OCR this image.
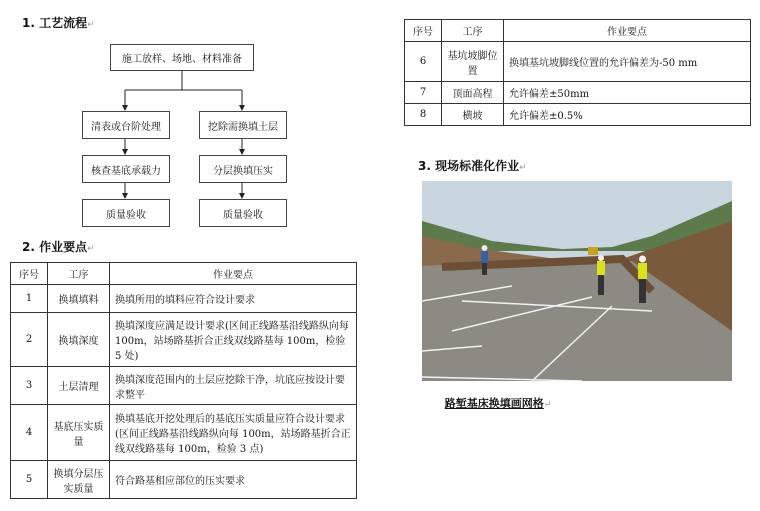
1. 工艺流程↵
施工放样、场地、材料准备
清表或台阶处理	挖除需换填土层
核查基底承载力	分层换填压实
质量验收	质量验收
2. 作业要点↵
序号	工序	作业要点
1	换填填料	换填所用的填料应符合设计要求
2	换填深度	换填深度应满足设计要求(区间正线路基沿线路纵向每 100m，站场路基折合正线双线路基每 100m，检验 5 处)
3	土层清理	换填深度范围内的土层应挖除干净，坑底应按设计要求整平
4	基底压实质量	换填基底开挖处理后的基底压实质量应符合设计要求 (区间正线路基沿线路纵向每 100m，站场路基折合正线双线路基每 100m，检验 3 点)
5	换填分层压实质量	符合路基相应部位的压实要求
序号	工序	作业要点
6	基坑坡脚位置	换填基坑坡脚线位置的允许偏差为-50 mm
7	顶面高程	允许偏差±50mm
8	横坡	允许偏差±0.5%
3. 现场标准化作业↵
路堑基床换填画网格↵
